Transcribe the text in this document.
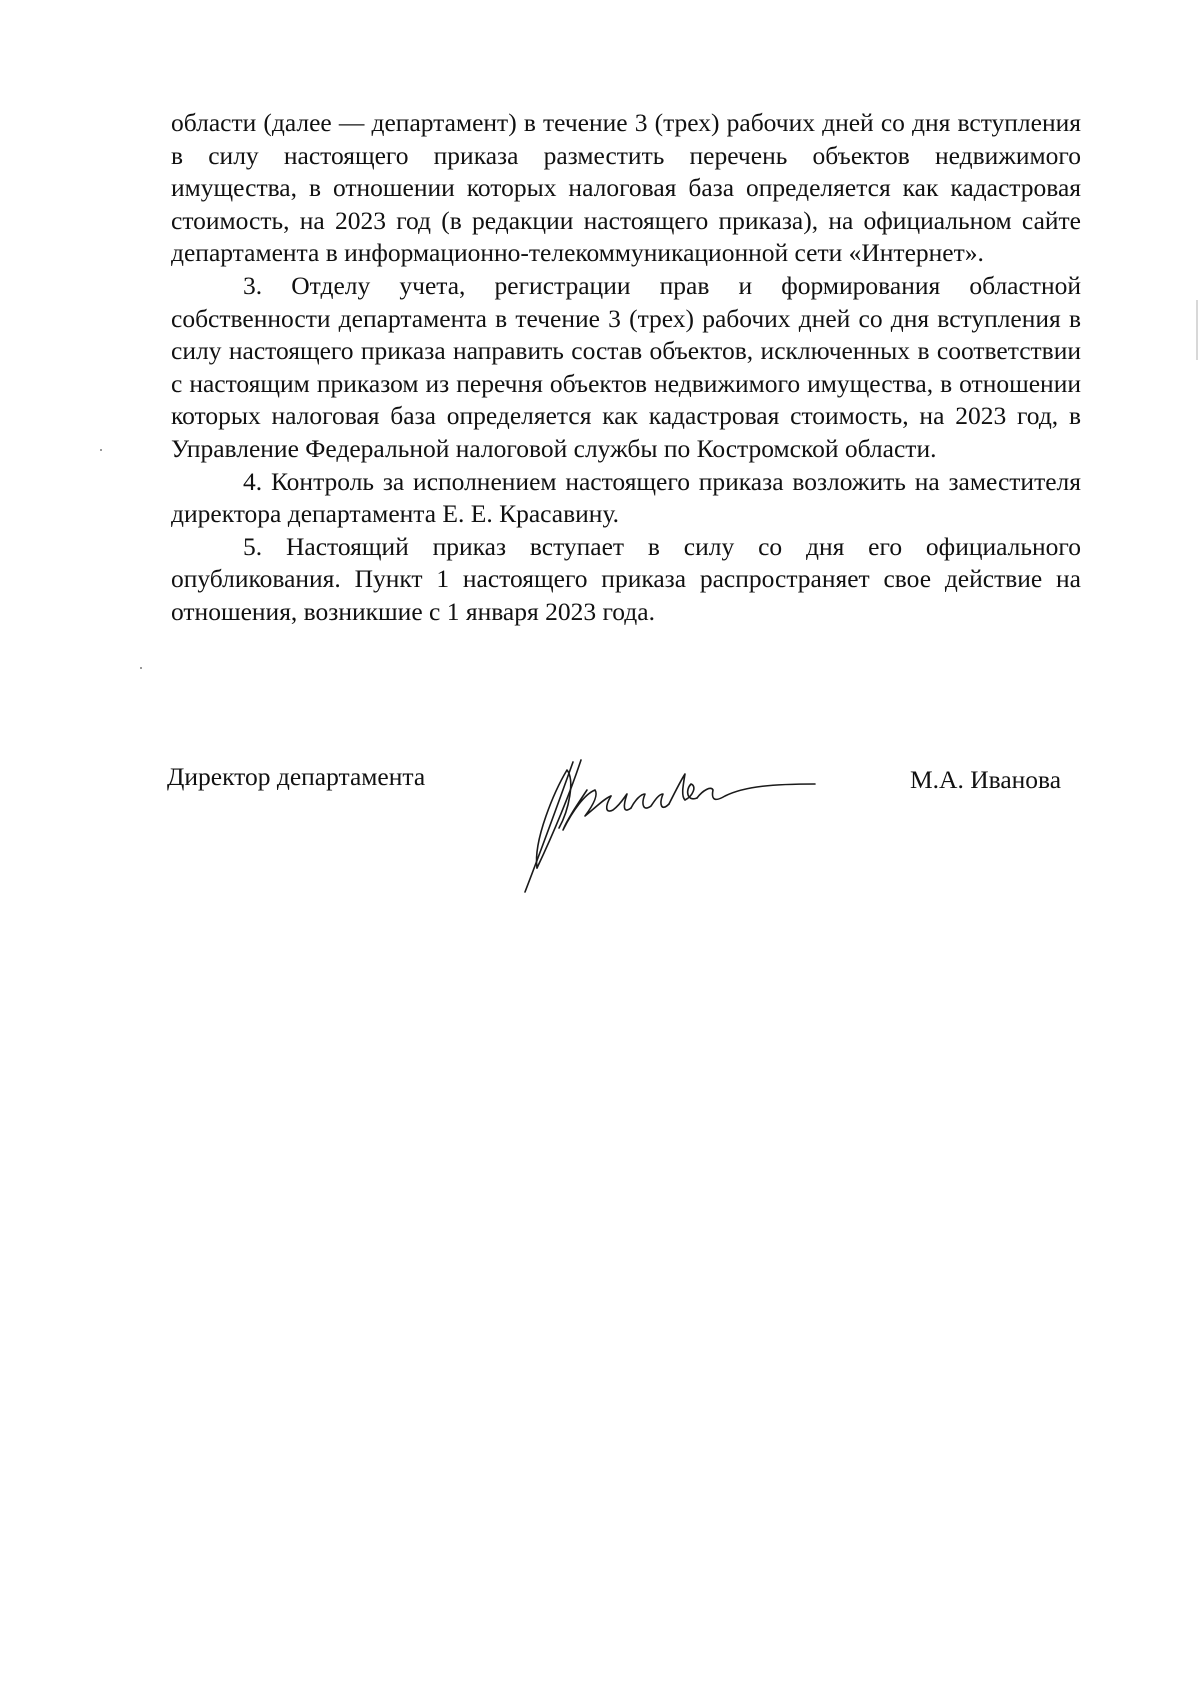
области (далее — департамент) в течение 3 (трех) рабочих дней со дня вступления в силу настоящего приказа разместить перечень объектов недвижимого имущества, в отношении которых налоговая база определяется как кадастровая стоимость, на 2023 год (в редакции настоящего приказа), на официальном сайте департамента в информационно-телекоммуникационной сети «Интернет».

3. Отделу учета, регистрации прав и формирования областной собственности департамента в течение 3 (трех) рабочих дней со дня вступления в силу настоящего приказа направить состав объектов, исключенных в соответствии с настоящим приказом из перечня объектов недвижимого имущества, в отношении которых налоговая база определяется как кадастровая стоимость, на 2023 год, в Управление Федеральной налоговой службы по Костромской области.

4. Контроль за исполнением настоящего приказа возложить на заместителя директора департамента Е. Е. Красавину.

5. Настоящий приказ вступает в силу со дня его официального опубликования. Пункт 1 настоящего приказа распространяет свое действие на отношения, возникшие с 1 января 2023 года.

Директор департамента	М.А. Иванова
